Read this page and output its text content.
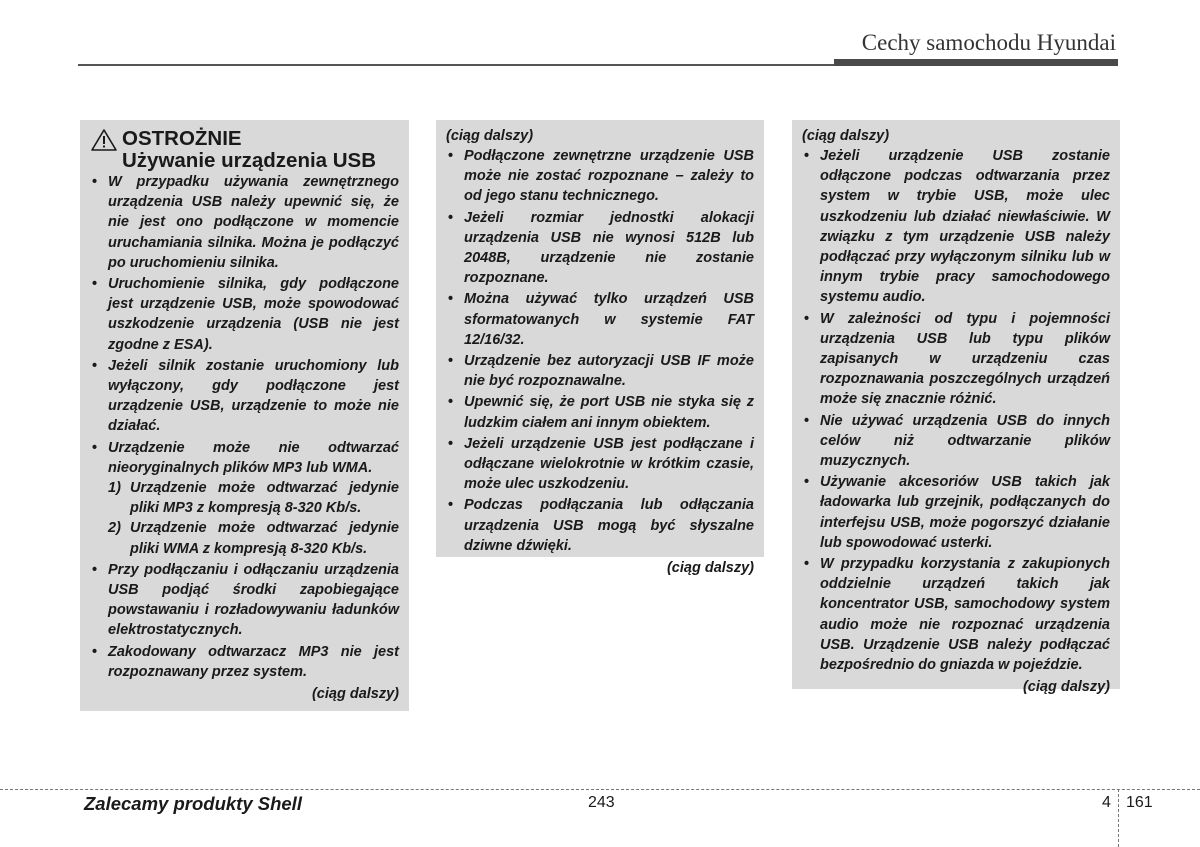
Cechy samochodu Hyundai
OSTROŻNIE
Używanie urządzenia USB
• W przypadku używania zewnętrznego urządzenia USB należy upewnić się, że nie jest ono podłączone w momencie uruchamiania silnika. Można je podłączyć po uruchomieniu silnika.
• Uruchomienie silnika, gdy podłączone jest urządzenie USB, może spowodować uszkodzenie urządzenia (USB nie jest zgodne z ESA).
• Jeżeli silnik zostanie uruchomiony lub wyłączony, gdy podłączone jest urządzenie USB, urządzenie to może nie działać.
• Urządzenie może nie odtwarzać nieoryginalnych plików MP3 lub WMA.
1) Urządzenie może odtwarzać jedynie pliki MP3 z kompresją 8-320 Kb/s.
2) Urządzenie może odtwarzać jedynie pliki WMA z kompresją 8-320 Kb/s.
• Przy podłączaniu i odłączaniu urządzenia USB podjąć środki zapobiegające powstawaniu i rozładowywaniu ładunków elektrostatycznych.
• Zakodowany odtwarzacz MP3 nie jest rozpoznawany przez system.
(ciąg dalszy)
(ciąg dalszy)
• Podłączone zewnętrzne urządzenie USB może nie zostać rozpoznane – zależy to od jego stanu technicznego.
• Jeżeli rozmiar jednostki alokacji urządzenia USB nie wynosi 512B lub 2048B, urządzenie nie zostanie rozpoznane.
• Można używać tylko urządzeń USB sformatowanych w systemie FAT 12/16/32.
• Urządzenie bez autoryzacji USB IF może nie być rozpoznawalne.
• Upewnić się, że port USB nie styka się z ludzkim ciałem ani innym obiektem.
• Jeżeli urządzenie USB jest podłączane i odłączane wielokrotnie w krótkim czasie, może ulec uszkodzeniu.
• Podczas podłączania lub odłączania urządzenia USB mogą być słyszalne dziwne dźwięki.
(ciąg dalszy)
(ciąg dalszy)
• Jeżeli urządzenie USB zostanie odłączone podczas odtwarzania przez system w trybie USB, może ulec uszkodzeniu lub działać niewłaściwie. W związku z tym urządzenie USB należy podłączać przy wyłączonym silniku lub w innym trybie pracy samochodowego systemu audio.
• W zależności od typu i pojemności urządzenia USB lub typu plików zapisanych w urządzeniu czas rozpoznawania poszczególnych urządzeń może się znacznie różnić.
• Nie używać urządzenia USB do innych celów niż odtwarzanie plików muzycznych.
• Używanie akcesoriów USB takich jak ładowarka lub grzejnik, podłączanych do interfejsu USB, może pogorszyć działanie lub spowodować usterki.
• W przypadku korzystania z zakupionych oddzielnie urządzeń takich jak koncentrator USB, samochodowy system audio może nie rozpoznać urządzenia USB. Urządzenie USB należy podłączać bezpośrednio do gniazda w pojeździe.
(ciąg dalszy)
Zalecamy produkty Shell	243	4 161
